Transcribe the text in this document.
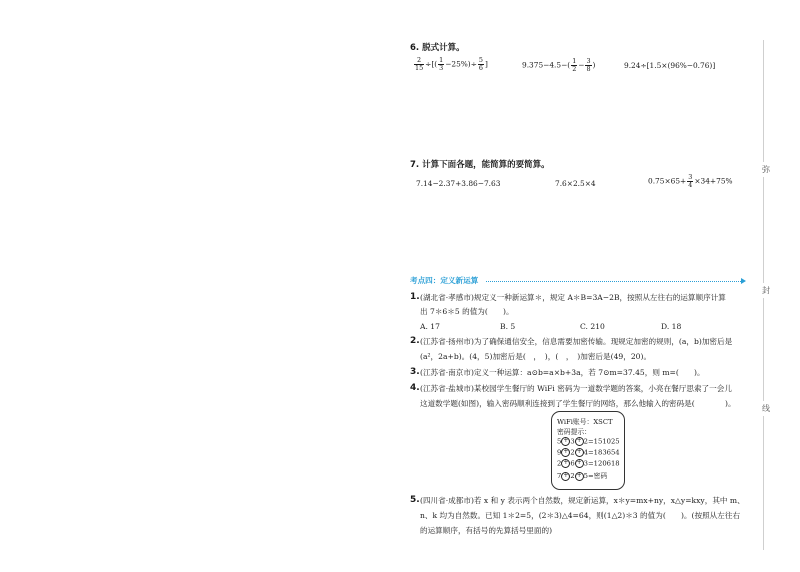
6. 脱式计算。
$\frac{2}{15}$ ÷[( $\frac{1}{3} -25\%)\div \frac{5}{6}$ ]	$9.375-4.5-( \frac{1}{2} - \frac{3}{8}$ )	9.24÷[1.5×(96%−0.76)]
7. 计算下面各题，能简算的要简算。
7.14−2.37+3.86−7.63	7.6×2.5×4	$0.75\times 65+ \frac{3}{4} \times 34+75\%$
考点四：定义新运算
1. (湖北省·孝感市)规定义一种新运算＊，规定 A＊B=3A−2B，按照从左往右的运算顺序计算
出 7＊6＊5 的值为(　　)。
A. 17	B. 5	C. 210	D. 18
2. (江苏省·扬州市)为了确保通信安全，信息需要加密传输。现规定加密的规则，(a，b)加密后是
(a²，2a+b)。(4，5)加密后是(　，　)，(　，　)加密后是(49，20)。
3. (江苏省·南京市)定义一种运算：a⊙b=a×b+3a，若 7⊙m=37.45，则 m=(　　)。
4. (江苏省·盐城市)某校园学生餐厅的 WiFi 密码为一道数学题的答案，小亮在餐厅思索了一会儿
这道数学题(如图)，输入密码顺利连接到了学生餐厅的网络，那么他输入的密码是(　　　　)。
WiFi账号：XSCT
密码提示：
5 + 3 + 2=151025
9 + 2 + 4=183654
2 + 6 + 3=120618
7 + 2 + 5=密码
5. (四川省·成都市)若 x 和 y 表示两个自然数，规定新运算，x＊y=mx+ny，x△y=kxy，其中 m、
n、k 均为自然数。已知 1＊2=5，(2＊3)△4=64，则(1△2)＊3 的值为(　　)。(按照从左往右
的运算顺序，有括号的先算括号里面的)
弥
封
线
